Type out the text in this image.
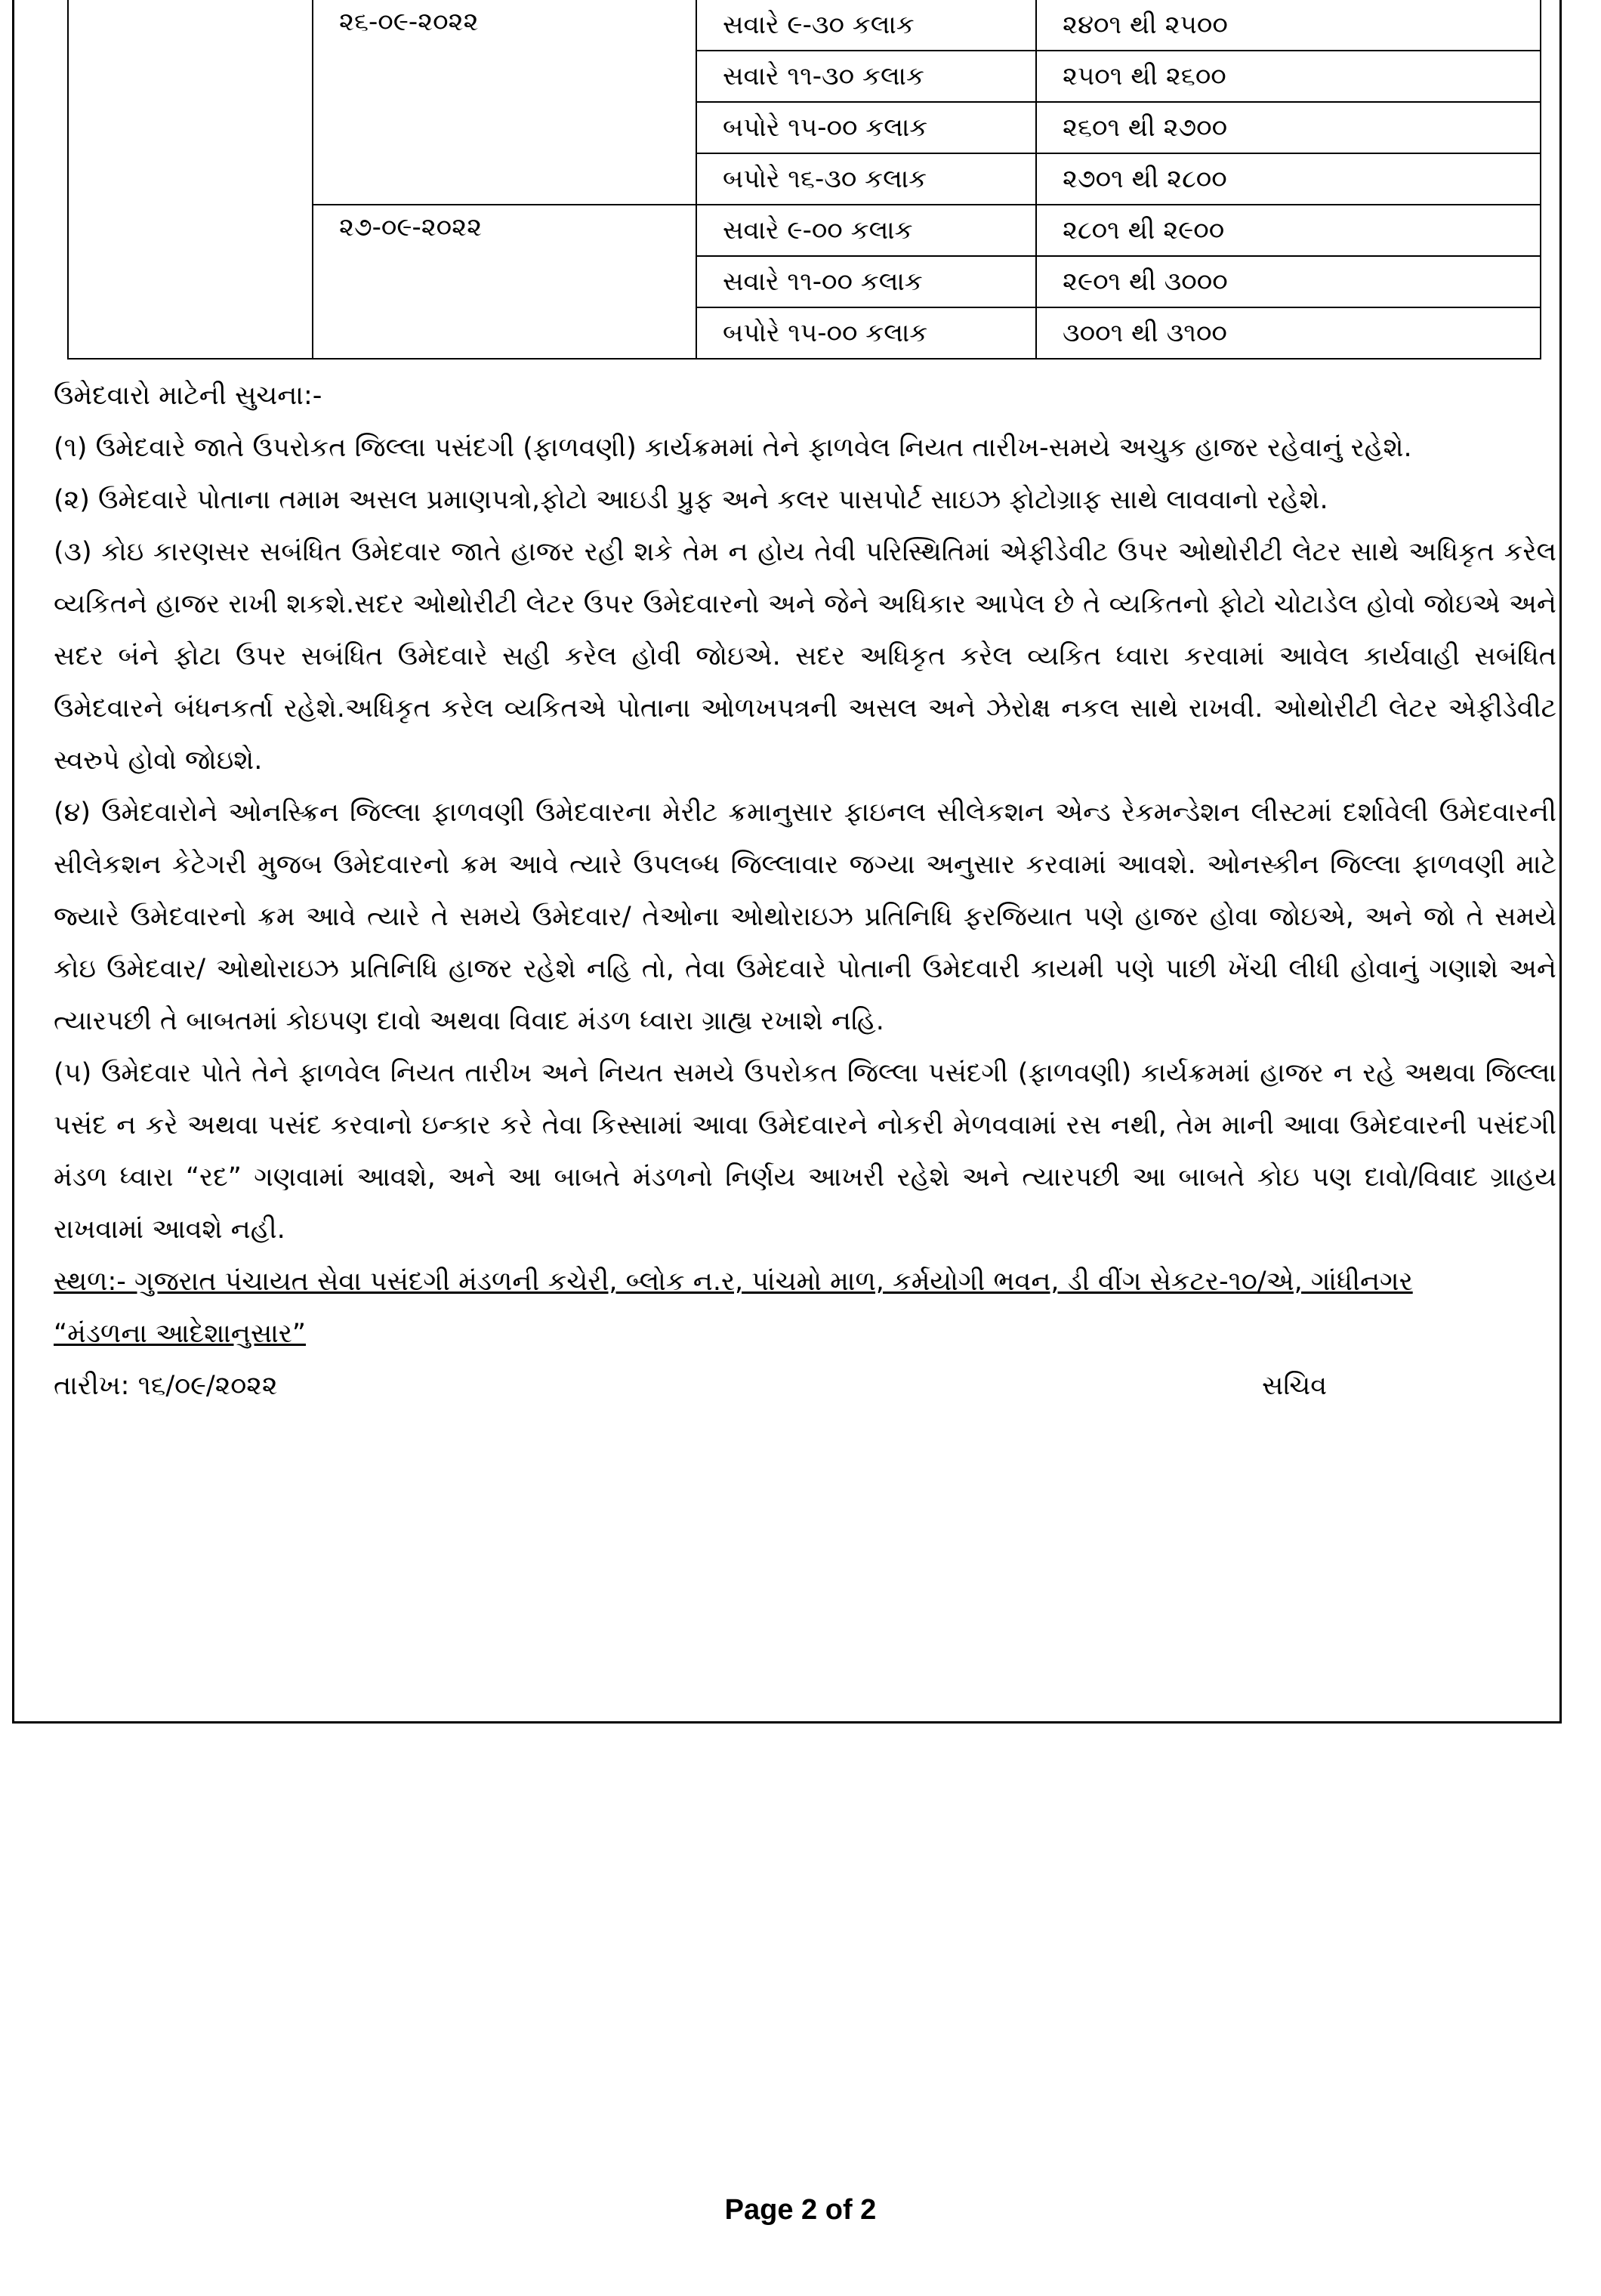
	૨૬-૦૯-૨૦૨૨	સવારે ૯-૩૦ કલાક	૨૪૦૧ થી ૨૫૦૦
		સવારે ૧૧-૩૦ કલાક	૨૫૦૧ થી ૨૬૦૦
		બપોરે ૧૫-૦૦ કલાક	૨૬૦૧ થી ૨૭૦૦
		બપોરે ૧૬-૩૦ કલાક	૨૭૦૧ થી ૨૮૦૦
	૨૭-૦૯-૨૦૨૨	સવારે ૯-૦૦ કલાક	૨૮૦૧ થી ૨૯૦૦
		સવારે ૧૧-૦૦ કલાક	૨૯૦૧ થી ૩૦૦૦
		બપોરે ૧૫-૦૦ કલાક	૩૦૦૧ થી ૩૧૦૦

ઉમેદવારો માટેની સુચના:-

(૧) ઉમેદવારે જાતે ઉપરોકત જિલ્લા પસંદગી (ફાળવણી) કાર્યક્રમમાં તેને ફાળવેલ નિયત તારીખ-સમયે અચુક હાજર રહેવાનું રહેશે.

(૨) ઉમેદવારે પોતાના તમામ અસલ પ્રમાણપત્રો,ફોટો આઇડી પ્રુફ અને કલર પાસપોર્ટ સાઇઝ ફોટોગ્રાફ સાથે લાવવાનો રહેશે.

(૩) કોઇ કારણસર સબંધિત ઉમેદવાર જાતે હાજર રહી શકે તેમ ન હોય તેવી પરિસ્થિતિમાં એફીડેવીટ ઉપર ઓથોરીટી લેટર સાથે અધિકૃત કરેલ વ્યકિતને હાજર રાખી શકશે.સદર ઓથોરીટી લેટર ઉપર ઉમેદવારનો અને જેને અધિકાર આપેલ છે તે વ્યકિતનો ફોટો ચોટાડેલ હોવો જોઇએ અને સદર બંને ફોટા ઉપર સબંધિત ઉમેદવારે સહી કરેલ હોવી જોઇએ. સદર અધિકૃત કરેલ વ્યકિત ધ્વારા કરવામાં આવેલ કાર્યવાહી સબંધિત ઉમેદવારને બંધનકર્તા રહેશે.અધિકૃત કરેલ વ્યકિતએ પોતાના ઓળખપત્રની અસલ અને ઝેરોક્ષ નકલ સાથે રાખવી. ઓથોરીટી લેટર એફીડેવીટ સ્વરુપે હોવો જોઇશે.

(૪) ઉમેદવારોને ઓનસ્ક્રિન જિલ્લા ફાળવણી ઉમેદવારના મેરીટ ક્રમાનુસાર ફાઇનલ સીલેકશન એન્ડ રેકમન્ડેશન લીસ્ટમાં દર્શાવેલી ઉમેદવારની સીલેકશન કેટેગરી મુજબ ઉમેદવારનો ક્રમ આવે ત્યારે ઉપલબ્ધ જિલ્લાવાર જગ્યા અનુસાર કરવામાં આવશે. ઓનસ્કીન જિલ્લા ફાળવણી માટે જ્યારે ઉમેદવારનો ક્રમ આવે ત્યારે તે સમયે ઉમેદવાર/ તેઓના ઓથોરાઇઝ પ્રતિનિધિ ફરજિયાત પણે હાજર હોવા જોઇએ, અને જો તે સમયે કોઇ ઉમેદવાર/ ઓથોરાઇઝ પ્રતિનિધિ હાજર રહેશે નહિ તો, તેવા ઉમેદવારે પોતાની ઉમેદવારી કાયમી પણે પાછી ખેંચી લીધી હોવાનું ગણાશે અને ત્યારપછી તે બાબતમાં કોઇપણ દાવો અથવા વિવાદ મંડળ ધ્વારા ગ્રાહ્ય રખાશે નહિ.

(૫) ઉમેદવાર પોતે તેને ફાળવેલ નિયત તારીખ અને નિયત સમયે ઉપરોકત જિલ્લા પસંદગી (ફાળવણી) કાર્યક્રમમાં હાજર ન રહે અથવા જિલ્લા પસંદ ન કરે અથવા પસંદ કરવાનો ઇન્કાર કરે તેવા કિસ્સામાં આવા ઉમેદવારને નોકરી મેળવવામાં રસ નથી, તેમ માની આવા ઉમેદવારની પસંદગી મંડળ ધ્વારા “રદ” ગણવામાં આવશે, અને આ બાબતે મંડળનો નિર્ણય આખરી રહેશે અને ત્યારપછી આ બાબતે કોઇ પણ દાવો/વિવાદ ગ્રાહય રાખવામાં આવશે નહી.

સ્થળ:- ગુજરાત પંચાયત સેવા પસંદગી મંડળની કચેરી, બ્લોક ન.ર, પાંચમો માળ, કર્મયોગી ભવન, ડી વીંગ સેકટર-૧૦/એ, ગાંધીનગર

“મંડળના આદેશાનુસાર”

તારીખ: ૧૬/૦૯/૨૦૨૨	સચિવ
Page 2 of 2
